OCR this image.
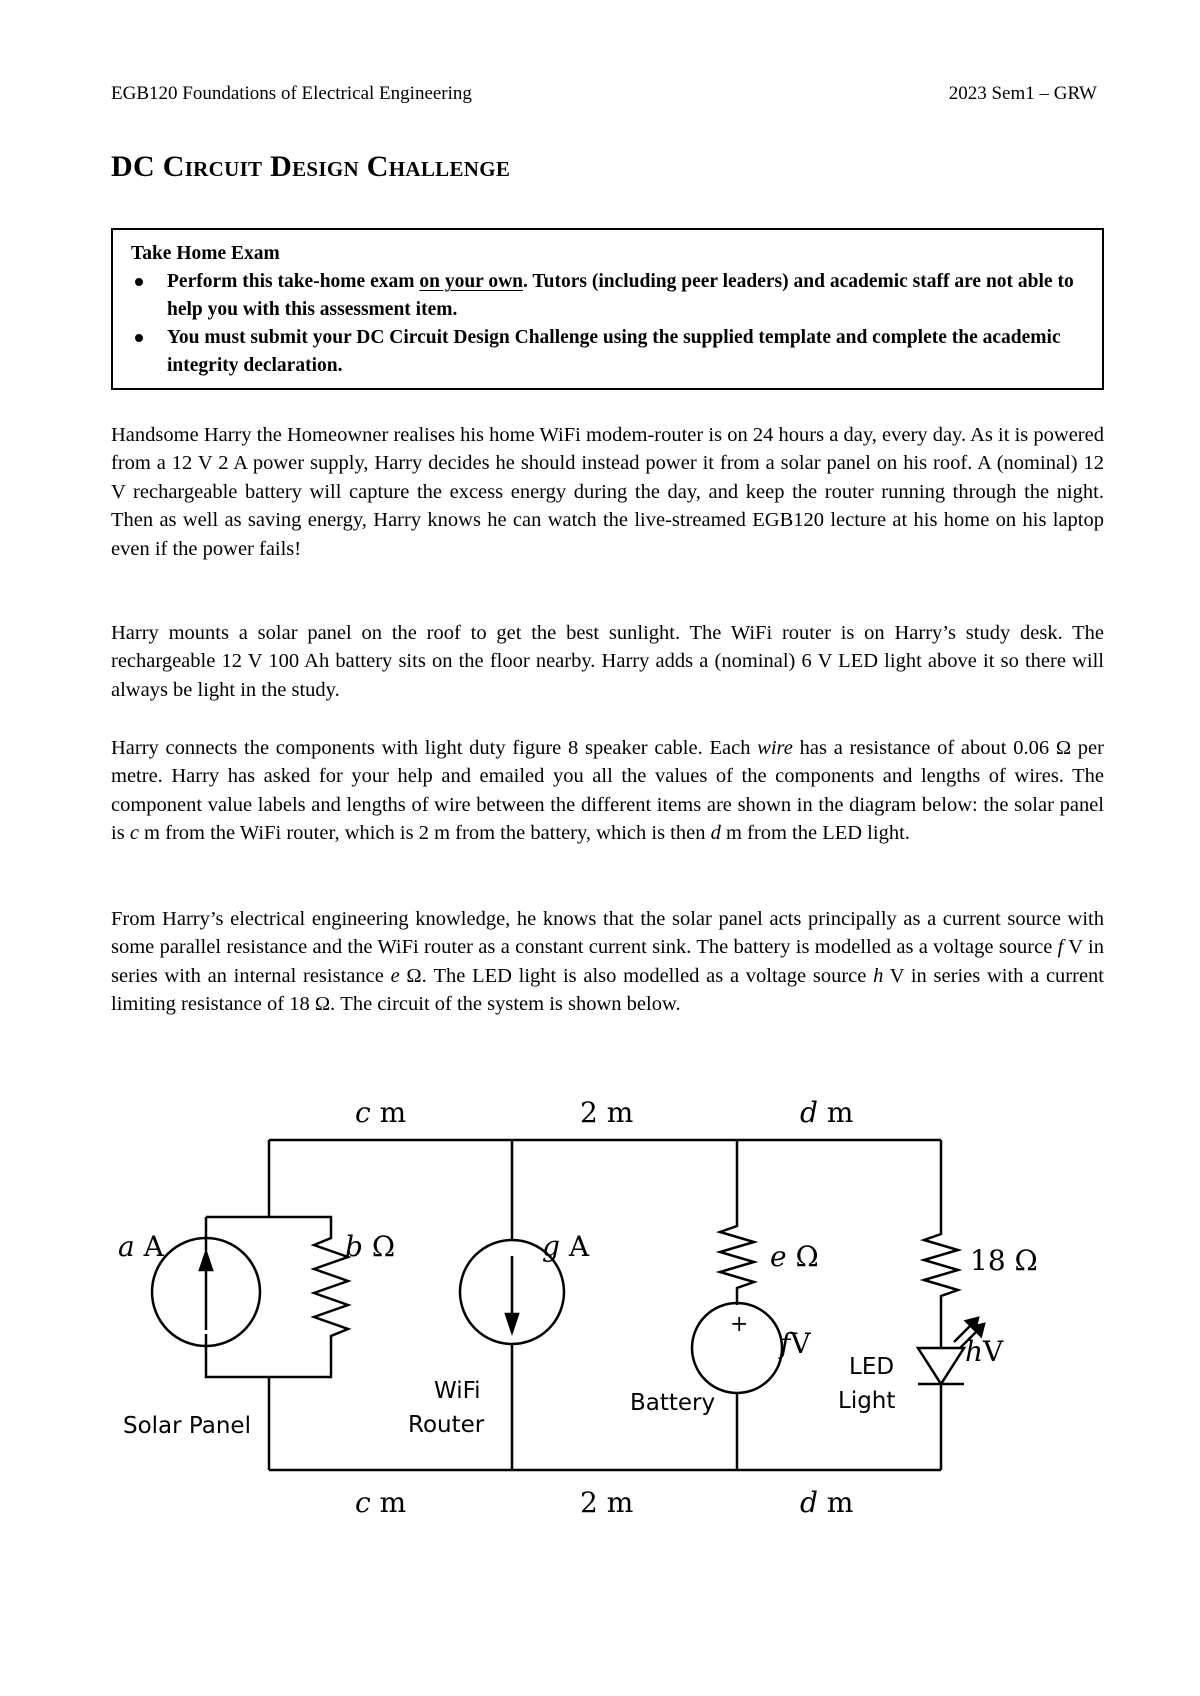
EGB120 Foundations of Electrical Engineering	2023 Sem1 – GRW
DC Circuit Design Challenge

Take Home Exam

Perform this take-home exam on your own. Tutors (including peer leaders) and academic staff are not able to help you with this assessment item.
You must submit your DC Circuit Design Challenge using the supplied template and complete the academic integrity declaration.

Handsome Harry the Homeowner realises his home WiFi modem-router is on 24 hours a day, every day. As it is powered from a 12 V 2 A power supply, Harry decides he should instead power it from a solar panel on his roof. A (nominal) 12 V rechargeable battery will capture the excess energy during the day, and keep the router running through the night. Then as well as saving energy, Harry knows he can watch the live-streamed EGB120 lecture at his home on his laptop even if the power fails!

Harry mounts a solar panel on the roof to get the best sunlight. The WiFi router is on Harry’s study desk. The rechargeable 12 V 100 Ah battery sits on the floor nearby. Harry adds a (nominal) 6 V LED light above it so there will always be light in the study.

Harry connects the components with light duty figure 8 speaker cable. Each wire has a resistance of about 0.06 Ω per metre. Harry has asked for your help and emailed you all the values of the components and lengths of wires. The component value labels and lengths of wire between the different items are shown in the diagram below: the solar panel is c m from the WiFi router, which is 2 m from the battery, which is then d m from the LED light.

From Harry’s electrical engineering knowledge, he knows that the solar panel acts principally as a current source with some parallel resistance and the WiFi router as a constant current sink. The battery is modelled as a voltage source f V in series with an internal resistance e Ω. The LED light is also modelled as a voltage source h V in series with a current limiting resistance of 18 Ω. The circuit of the system is shown below.

c m	2 m	d m
c m	2 m	d m
a A	b Ω	g A	e Ω	18 Ω
fV	hV
+
Solar Panel
WiFi
Router
Battery
LED
Light
